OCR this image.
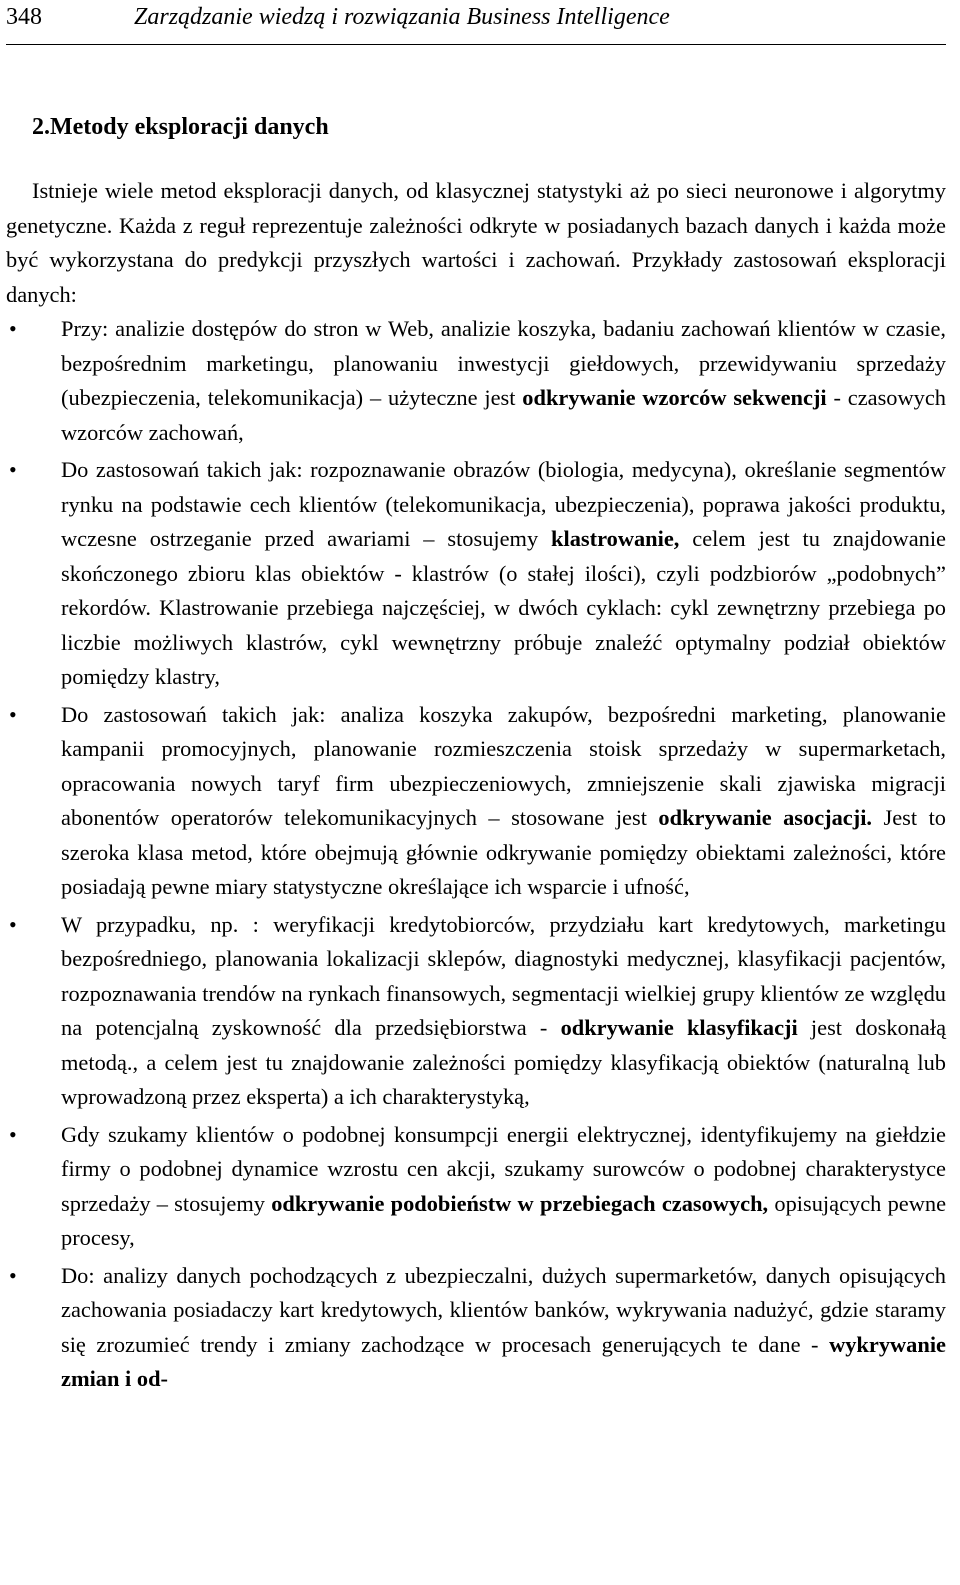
348	Zarządzanie wiedzą i rozwiązania Business Intelligence
2.Metody eksploracji danych

Istnieje wiele metod eksploracji danych, od klasycznej statystyki aż po sieci neuronowe i algorytmy genetyczne. Każda z reguł reprezentuje zależności odkryte w posiadanych bazach danych i każda może być wykorzystana do predykcji przyszłych wartości i zachowań. Przykłady zastosowań eksploracji danych:

• Przy: analizie dostępów do stron w Web, analizie koszyka, badaniu zachowań klientów w czasie, bezpośrednim marketingu, planowaniu inwestycji giełdowych, przewidywaniu sprzedaży (ubezpieczenia, telekomunikacja) – użyteczne jest odkrywanie wzorców sekwencji - czasowych wzorców zachowań,
• Do zastosowań takich jak: rozpoznawanie obrazów (biologia, medycyna), określanie segmentów rynku na podstawie cech klientów (telekomunikacja, ubezpieczenia), poprawa jakości produktu, wczesne ostrzeganie przed awariami – stosujemy klastrowanie, celem jest tu znajdowanie skończonego zbioru klas obiektów - klastrów (o stałej ilości), czyli podzbiorów „podobnych” rekordów. Klastrowanie przebiega najczęściej, w dwóch cyklach: cykl zewnętrzny przebiega po liczbie możliwych klastrów, cykl wewnętrzny próbuje znaleźć optymalny podział obiektów pomiędzy klastry,
• Do zastosowań takich jak: analiza koszyka zakupów, bezpośredni marketing, planowanie kampanii promocyjnych, planowanie rozmieszczenia stoisk sprzedaży w supermarketach, opracowania nowych taryf firm ubezpieczeniowych, zmniejszenie skali zjawiska migracji abonentów operatorów telekomunikacyjnych – stosowane jest odkrywanie asocjacji. Jest to szeroka klasa metod, które obejmują głównie odkrywanie pomiędzy obiektami zależności, które posiadają pewne miary statystyczne określające ich wsparcie i ufność,
• W przypadku, np. : weryfikacji kredytobiorców, przydziału kart kredytowych, marketingu bezpośredniego, planowania lokalizacji sklepów, diagnostyki medycznej, klasyfikacji pacjentów, rozpoznawania trendów na rynkach finansowych, segmentacji wielkiej grupy klientów ze względu na potencjalną zyskowność dla przedsiębiorstwa - odkrywanie klasyfikacji jest doskonałą metodą., a celem jest tu znajdowanie zależności pomiędzy klasyfikacją obiektów (naturalną lub wprowadzoną przez eksperta) a ich charakterystyką,
• Gdy szukamy klientów o podobnej konsumpcji energii elektrycznej, identyfikujemy na giełdzie firmy o podobnej dynamice wzrostu cen akcji, szukamy surowców o podobnej charakterystyce sprzedaży – stosujemy odkrywanie podobieństw w przebiegach czasowych, opisujących pewne procesy,
• Do: analizy danych pochodzących z ubezpieczalni, dużych supermarketów, danych opisujących zachowania posiadaczy kart kredytowych, klientów banków, wykrywania nadużyć, gdzie staramy się zrozumieć trendy i zmiany zachodzące w procesach generujących te dane - wykrywanie zmian i od-
